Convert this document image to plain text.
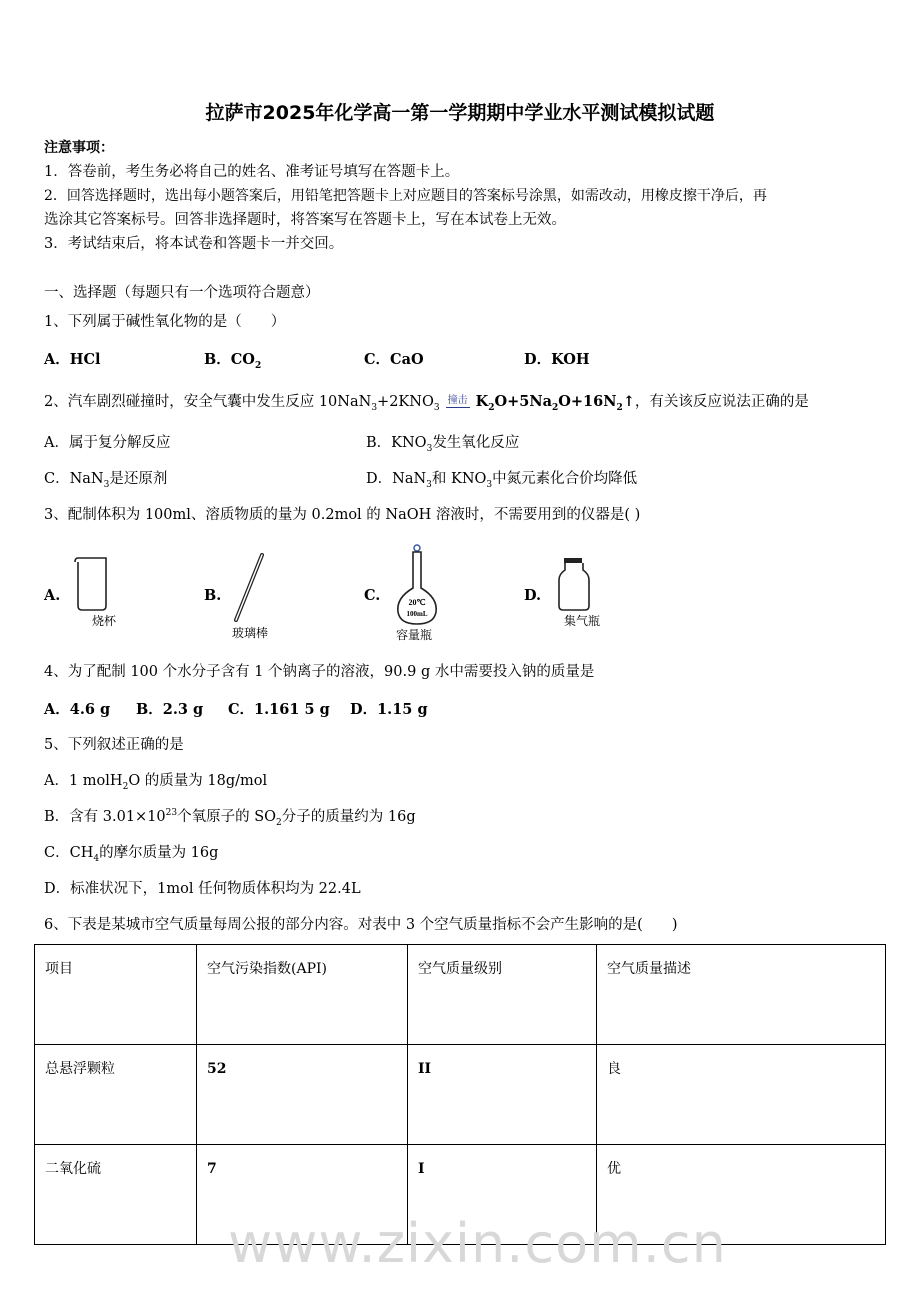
拉萨市2025年化学高一第一学期期中学业水平测试模拟试题
注意事项：
1．答卷前，考生务必将自己的姓名、准考证号填写在答题卡上。
2．回答选择题时，选出每小题答案后，用铅笔把答题卡上对应题目的答案标号涂黑，如需改动，用橡皮擦干净后，再
选涂其它答案标号。回答非选择题时，将答案写在答题卡上，写在本试卷上无效。
3．考试结束后，将本试卷和答题卡一并交回。
一、选择题（每题只有一个选项符合题意）
1、下列属于碱性氧化物的是（　　）
A．HCl	B．$CO_2$	C．CaO	D．KOH
2、汽车剧烈碰撞时，安全气囊中发生反应 $10NaN_3+2KNO_3$撞击 $K_2O+5Na_2O+16N_2↑$，有关该反应说法正确的是
A．属于复分解反应	B．$KNO_3$发生氧化反应
C．NaN$_3$是还原剂	D．NaN$_3$和 $KNO_3$中氮元素化合价均降低
3、配制体积为 100ml、溶质物质的量为 0.2mol 的 NaOH 溶液时，不需要用到的仪器是( )
A.	B.	C.	D.
烧杯
玻璃棒
20℃
100mL
容量瓶
集气瓶
4、为了配制 100 个水分子含有 1 个钠离子的溶液，90.9 g 水中需要投入钠的质量是
A．4.6 g B．2.3 g C．1.161 5 g D．1.15 g
5、下列叙述正确的是
A．1 molH$_2$O 的质量为 18g/mol
B．含有 $3.01\times 10^{23}$个氧原子的 $SO_2$分子的质量约为 16g
C．$CH_4$的摩尔质量为 16g
D．标准状况下，1mol 任何物质体积均为 22.4L
6、下表是某城市空气质量每周公报的部分内容。对表中 3 个空气质量指标不会产生影响的是(　　)
项目	空气污染指数(API)	空气质量级别	空气质量描述
总悬浮颗粒	52	II	良
二氧化硫	7	I	优
www.zixin.com.cn
